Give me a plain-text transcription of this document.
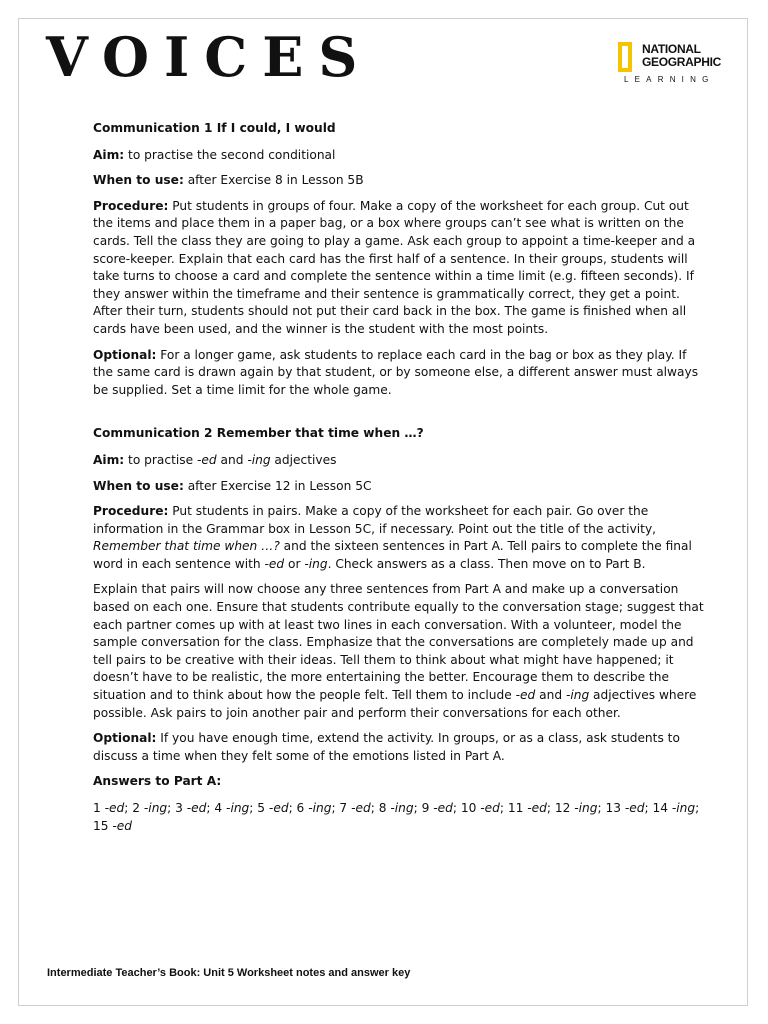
VOICES	NATIONAL
GEOGRAPHIC
LEARNING

Communication 1 If I could, I would

Aim: to practise the second conditional

When to use: after Exercise 8 in Lesson 5B

Procedure: Put students in groups of four. Make a copy of the worksheet for each group. Cut out the items and place them in a paper bag, or a box where groups can’t see what is written on the cards. Tell the class they are going to play a game. Ask each group to appoint a time-keeper and a score-keeper. Explain that each card has the first half of a sentence. In their groups, students will take turns to choose a card and complete the sentence within a time limit (e.g. fifteen seconds). If they answer within the timeframe and their sentence is grammatically correct, they get a point. After their turn, students should not put their card back in the box. The game is finished when all cards have been used, and the winner is the student with the most points.

Optional: For a longer game, ask students to replace each card in the bag or box as they play. If the same card is drawn again by that student, or by someone else, a different answer must always be supplied. Set a time limit for the whole game.

Communication 2 Remember that time when …?

Aim: to practise -ed and -ing adjectives

When to use: after Exercise 12 in Lesson 5C

Procedure: Put students in pairs. Make a copy of the worksheet for each pair. Go over the information in the Grammar box in Lesson 5C, if necessary. Point out the title of the activity, Remember that time when …? and the sixteen sentences in Part A. Tell pairs to complete the final word in each sentence with -ed or -ing. Check answers as a class. Then move on to Part B.

Explain that pairs will now choose any three sentences from Part A and make up a conversation based on each one. Ensure that students contribute equally to the conversation stage; suggest that each partner comes up with at least two lines in each conversation. With a volunteer, model the sample conversation for the class. Emphasize that the conversations are completely made up and tell pairs to be creative with their ideas. Tell them to think about what might have happened; it doesn’t have to be realistic, the more entertaining the better. Encourage them to describe the situation and to think about how the people felt. Tell them to include -ed and -ing adjectives where possible. Ask pairs to join another pair and perform their conversations for each other.

Optional: If you have enough time, extend the activity. In groups, or as a class, ask students to discuss a time when they felt some of the emotions listed in Part A.

Answers to Part A:

1 -ed; 2 -ing; 3 -ed; 4 -ing; 5 -ed; 6 -ing; 7 -ed; 8 -ing; 9 -ed; 10 -ed; 11 -ed; 12 -ing; 13 -ed; 14 -ing; 15 -ed

Intermediate Teacher’s Book: Unit 5 Worksheet notes and answer key
